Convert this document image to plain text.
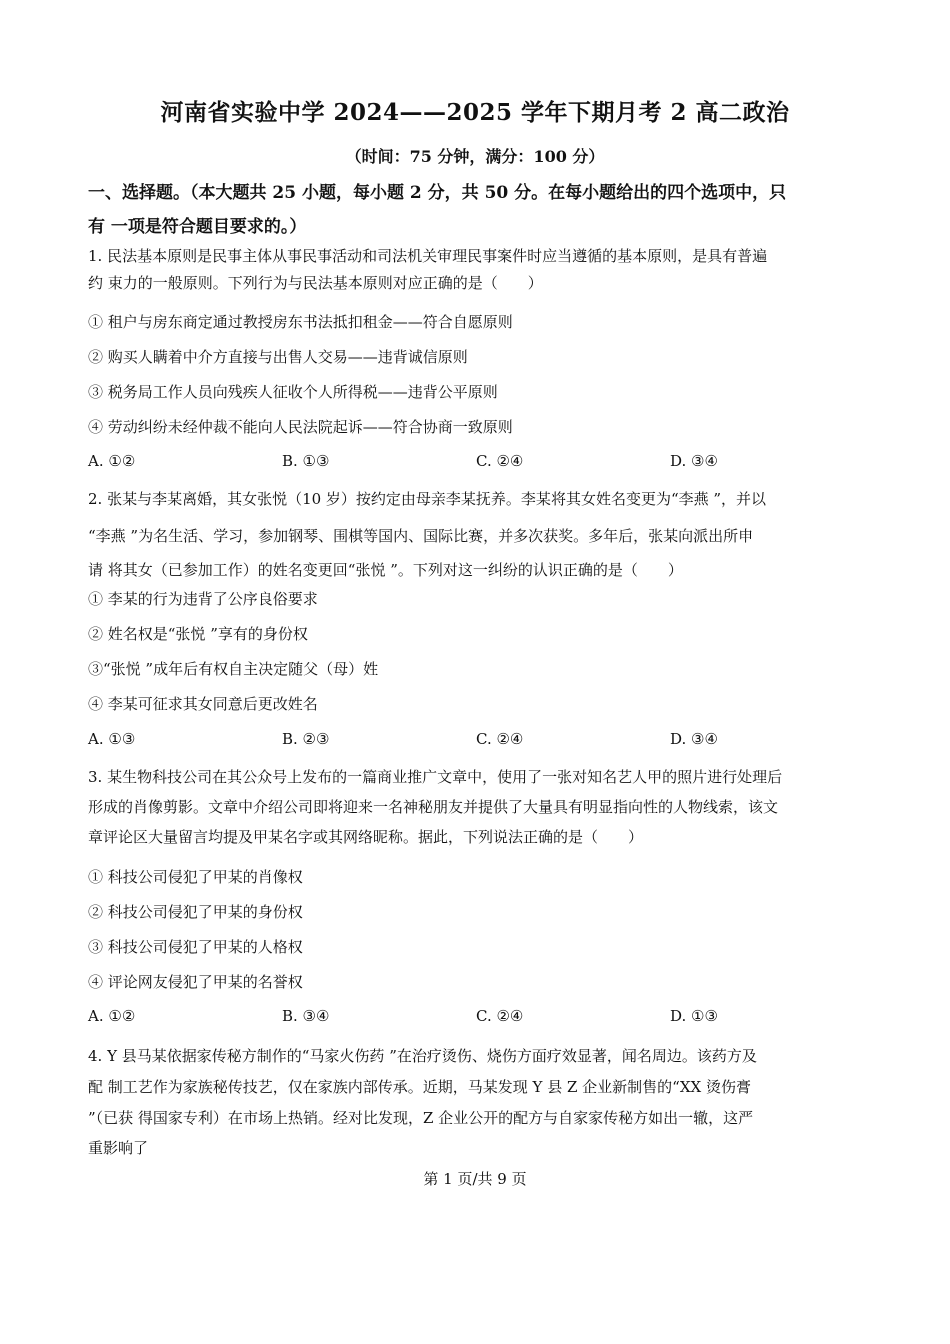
河南省实验中学 2024——2025 学年下期月考 2 高二政治
（时间：75 分钟，满分：100 分）
一、选择题。（本大题共 25 小题，每小题 2 分，共 50 分。在每小题给出的四个选项中，只
有 一项是符合题目要求的。）
1. 民法基本原则是民事主体从事民事活动和司法机关审理民事案件时应当遵循的基本原则，是具有普遍
约 束力的一般原则。下列行为与民法基本原则对应正确的是（　　）
① 租户与房东商定通过教授房东书法抵扣租金——符合自愿原则
② 购买人瞒着中介方直接与出售人交易——违背诚信原则
③ 税务局工作人员向残疾人征收个人所得税——违背公平原则
④ 劳动纠纷未经仲裁不能向人民法院起诉——符合协商一致原则
A. ①②	B. ①③	C. ②④	D. ③④
2. 张某与李某离婚，其女张悦（10 岁）按约定由母亲李某抚养。李某将其女姓名变更为“李燕 ”，并以
“李燕 ”为名生活、学习，参加钢琴、围棋等国内、国际比赛，并多次获奖。多年后，张某向派出所申
请 将其女（已参加工作）的姓名变更回“张悦 ”。下列对这一纠纷的认识正确的是（　　）
① 李某的行为违背了公序良俗要求
② 姓名权是“张悦 ”享有的身份权
③“张悦 ”成年后有权自主决定随父（母）姓
④ 李某可征求其女同意后更改姓名
A. ①③	B. ②③	C. ②④	D. ③④
3. 某生物科技公司在其公众号上发布的一篇商业推广文章中，使用了一张对知名艺人甲的照片进行处理后
形成的肖像剪影。文章中介绍公司即将迎来一名神秘朋友并提供了大量具有明显指向性的人物线索，该文
章评论区大量留言均提及甲某名字或其网络昵称。据此，下列说法正确的是（　　）
① 科技公司侵犯了甲某的肖像权
② 科技公司侵犯了甲某的身份权
③ 科技公司侵犯了甲某的人格权
④ 评论网友侵犯了甲某的名誉权
A. ①②	B. ③④	C. ②④	D. ①③
4. Y 县马某依据家传秘方制作的“马家火伤药 ”在治疗烫伤、烧伤方面疗效显著，闻名周边。该药方及
配 制工艺作为家族秘传技艺，仅在家族内部传承。近期，马某发现 Y 县 Z 企业新制售的“XX 烫伤膏
”（已获 得国家专利）在市场上热销。经对比发现，Z 企业公开的配方与自家家传秘方如出一辙，这严
重影响了
第 1 页/共 9 页
